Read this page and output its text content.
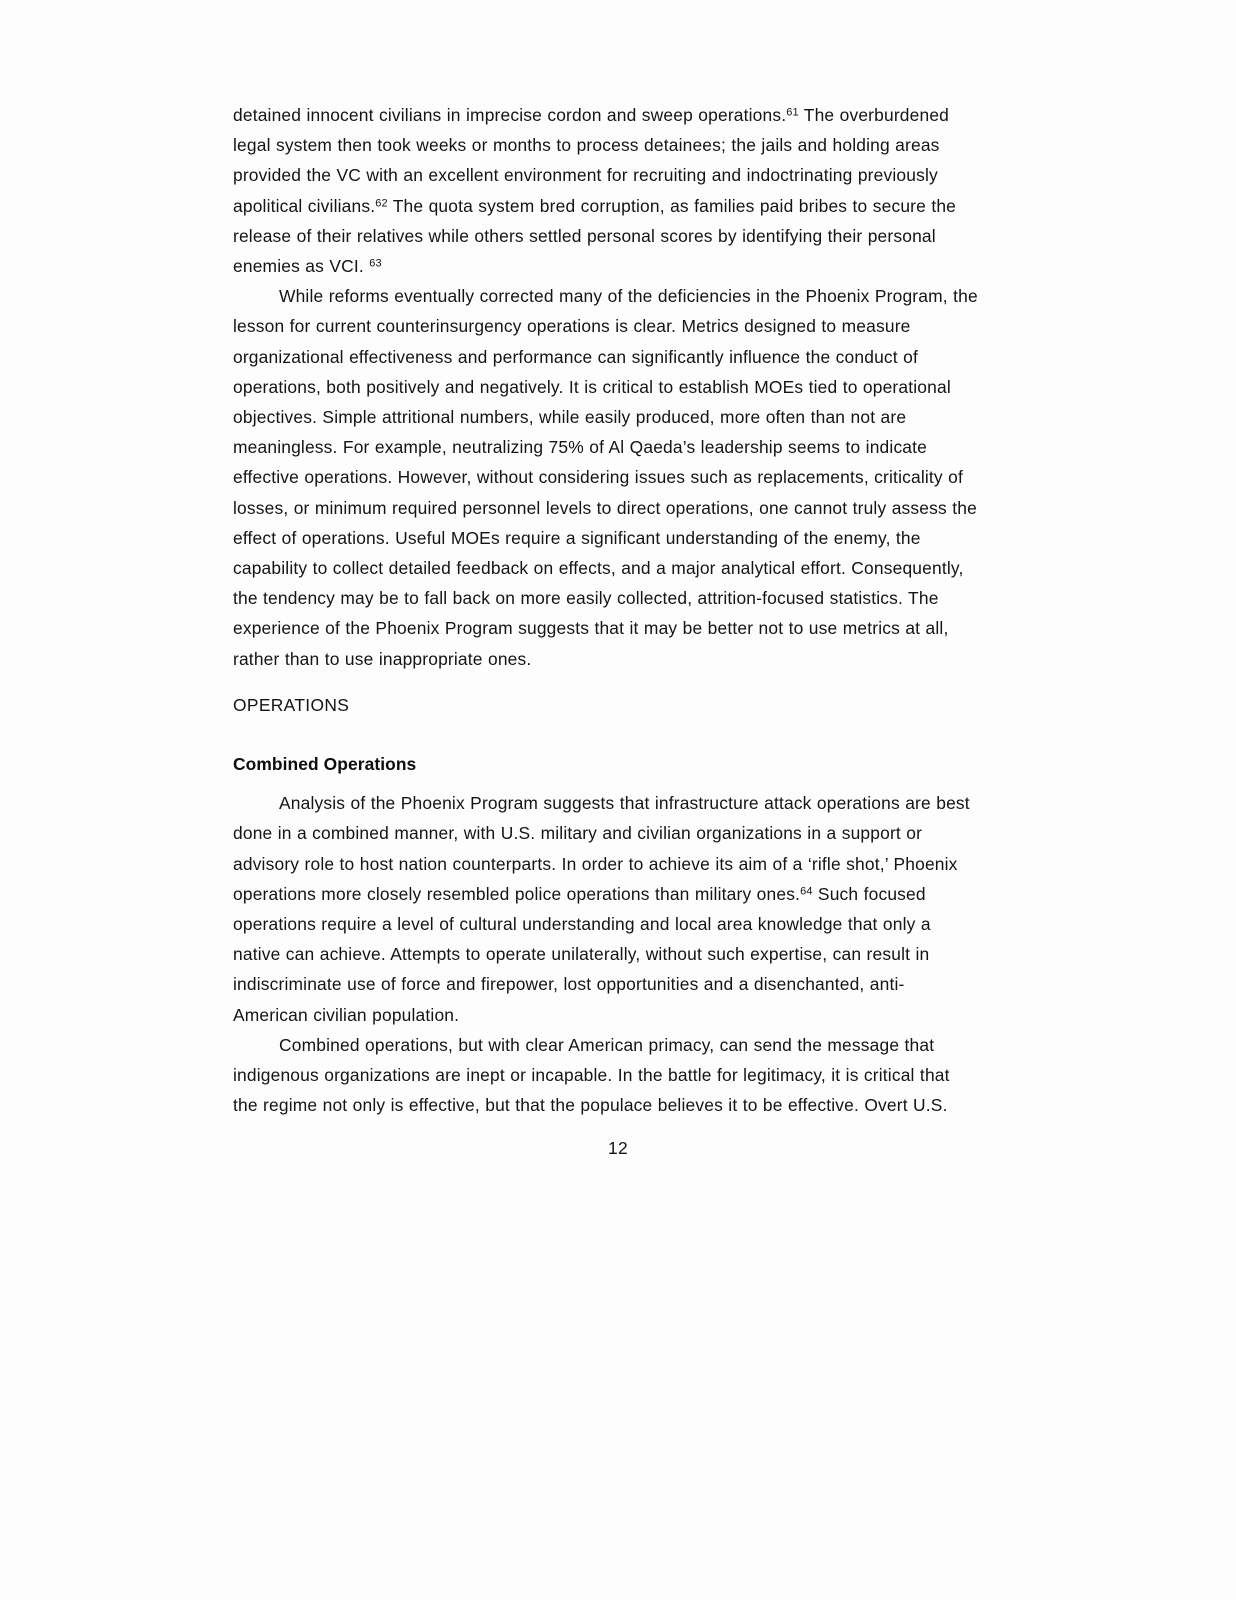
detained innocent civilians in imprecise cordon and sweep operations.$^{61}$ The overburdened legal system then took weeks or months to process detainees; the jails and holding areas provided the VC with an excellent environment for recruiting and indoctrinating previously apolitical civilians.$^{62}$ The quota system bred corruption, as families paid bribes to secure the release of their relatives while others settled personal scores by identifying their personal enemies as VCI. $^{63}$

While reforms eventually corrected many of the deficiencies in the Phoenix Program, the lesson for current counterinsurgency operations is clear. Metrics designed to measure organizational effectiveness and performance can significantly influence the conduct of operations, both positively and negatively. It is critical to establish MOEs tied to operational objectives. Simple attritional numbers, while easily produced, more often than not are meaningless. For example, neutralizing 75% of Al Qaeda’s leadership seems to indicate effective operations. However, without considering issues such as replacements, criticality of losses, or minimum required personnel levels to direct operations, one cannot truly assess the effect of operations. Useful MOEs require a significant understanding of the enemy, the capability to collect detailed feedback on effects, and a major analytical effort. Consequently, the tendency may be to fall back on more easily collected, attrition-focused statistics. The experience of the Phoenix Program suggests that it may be better not to use metrics at all, rather than to use inappropriate ones.

OPERATIONS

Combined Operations

Analysis of the Phoenix Program suggests that infrastructure attack operations are best done in a combined manner, with U.S. military and civilian organizations in a support or advisory role to host nation counterparts. In order to achieve its aim of a ‘rifle shot,’ Phoenix operations more closely resembled police operations than military ones.$^{64}$ Such focused operations require a level of cultural understanding and local area knowledge that only a native can achieve. Attempts to operate unilaterally, without such expertise, can result in indiscriminate use of force and firepower, lost opportunities and a disenchanted, anti-American civilian population.

Combined operations, but with clear American primacy, can send the message that indigenous organizations are inept or incapable. In the battle for legitimacy, it is critical that the regime not only is effective, but that the populace believes it to be effective. Overt U.S.

12
